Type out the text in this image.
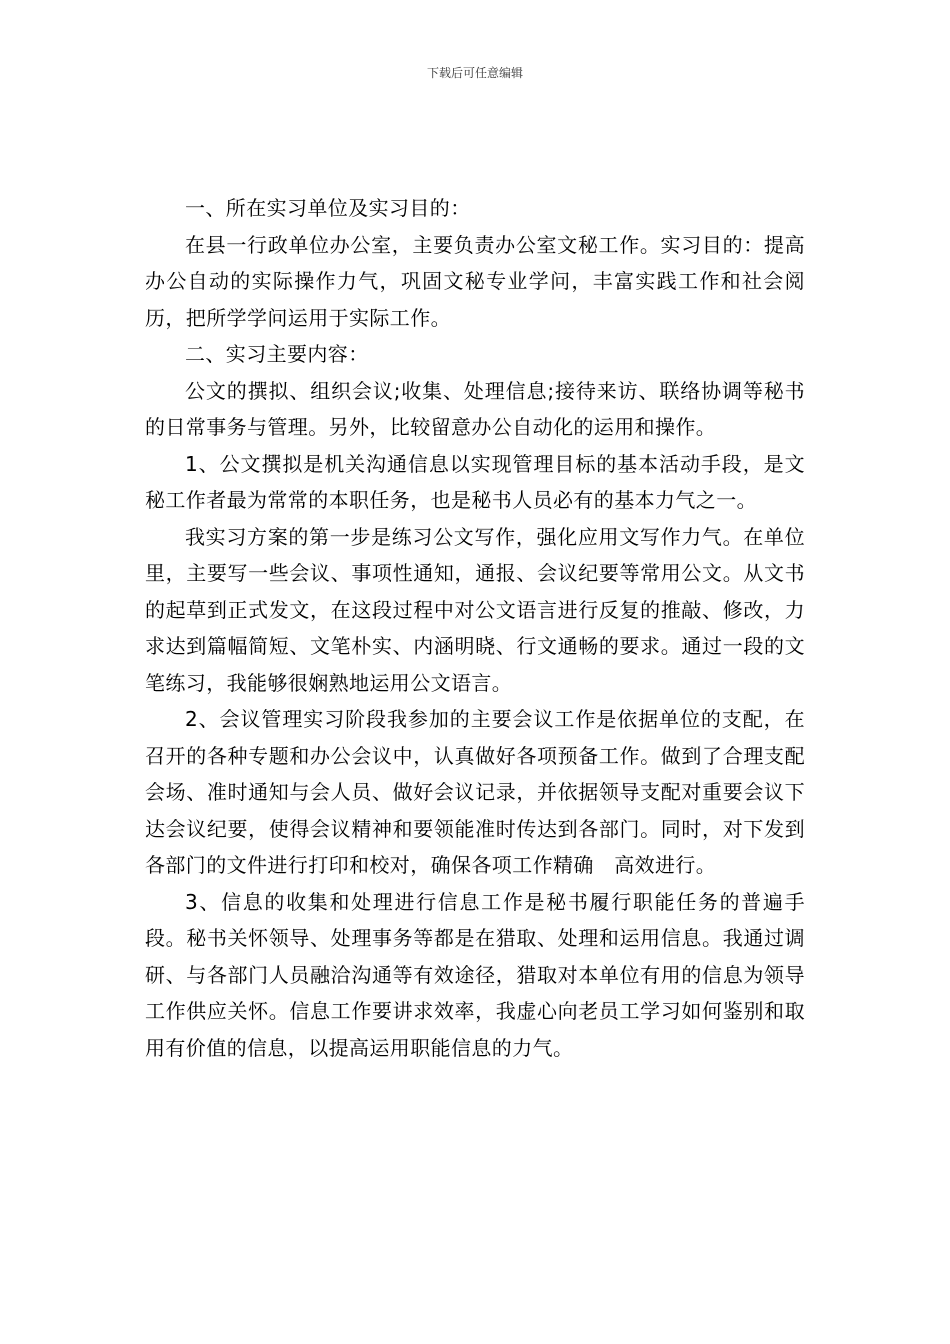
下载后可任意编辑

一、所在实习单位及实习目的：

在县一行政单位办公室，主要负责办公室文秘工作。实习目的：提高办公自动的实际操作力气，巩固文秘专业学问，丰富实践工作和社会阅历，把所学学问运用于实际工作。

二、实习主要内容：

公文的撰拟、组织会议;收集、处理信息;接待来访、联络协调等秘书的日常事务与管理。另外，比较留意办公自动化的运用和操作。

1、公文撰拟是机关沟通信息以实现管理目标的基本活动手段，是文秘工作者最为常常的本职任务，也是秘书人员必有的基本力气之一。

我实习方案的第一步是练习公文写作，强化应用文写作力气。在单位里，主要写一些会议、事项性通知，通报、会议纪要等常用公文。从文书的起草到正式发文，在这段过程中对公文语言进行反复的推敲、修改，力求达到篇幅简短、文笔朴实、内涵明晓、行文通畅的要求。通过一段的文笔练习，我能够很娴熟地运用公文语言。

2、会议管理实习阶段我参加的主要会议工作是依据单位的支配，在召开的各种专题和办公会议中，认真做好各项预备工作。做到了合理支配会场、准时通知与会人员、做好会议记录，并依据领导支配对重要会议下达会议纪要，使得会议精神和要领能准时传达到各部门。同时，对下发到各部门的文件进行打印和校对，确保各项工作精确　高效进行。

3、信息的收集和处理进行信息工作是秘书履行职能任务的普遍手段。秘书关怀领导、处理事务等都是在猎取、处理和运用信息。我通过调研、与各部门人员融洽沟通等有效途径，猎取对本单位有用的信息为领导工作供应关怀。信息工作要讲求效率，我虚心向老员工学习如何鉴别和取用有价值的信息，以提高运用职能信息的力气。
